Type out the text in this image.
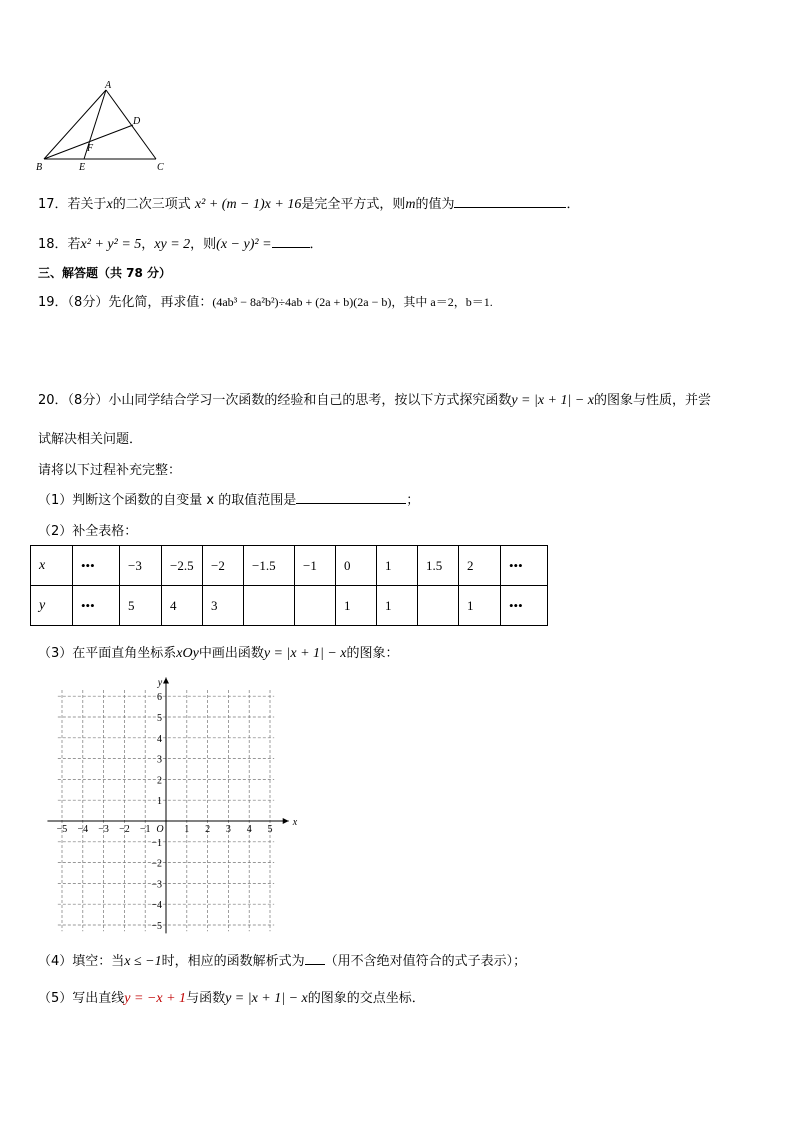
A
B	C
D
E
F
17．若关于x的二次三项式 x² + (m − 1)x + 16是完全平方式，则m的值为	．
18．若x² + y² = 5，xy = 2，则(x − y)² =	．
三、解答题（共 78 分）
19．（8分）先化简，再求值：(4ab³ − 8a²b²)÷4ab + (2a + b)(2a − b)，其中 a＝2，b＝1.
20．（8分）小山同学结合学习一次函数的经验和自己的思考，按以下方式探究函数y = |x + 1| − x的图象与性质，并尝
试解决相关问题．
请将以下过程补充完整：
（1）判断这个函数的自变量 x 的取值范围是	；
（2）补全表格：
x	•••	−3	−2.5	−2	−1.5	−1	0	1	1.5	2	•••
y	•••	5	4	3			1	1		1	•••
（3）在平面直角坐标系xOy中画出函数y = |x + 1| − x的图象：
x
y
O
−5 −4 −3 −2 −1	1 2 3 4 5
6
5
4
3
2
1
−1
−2
−3
−4
−5
（4）填空：当x ≤ −1时，相应的函数解析式为 （用不含绝对值符合的式子表示）；
（5）写出直线y = −x + 1与函数y = |x + 1| − x的图象的交点坐标．
